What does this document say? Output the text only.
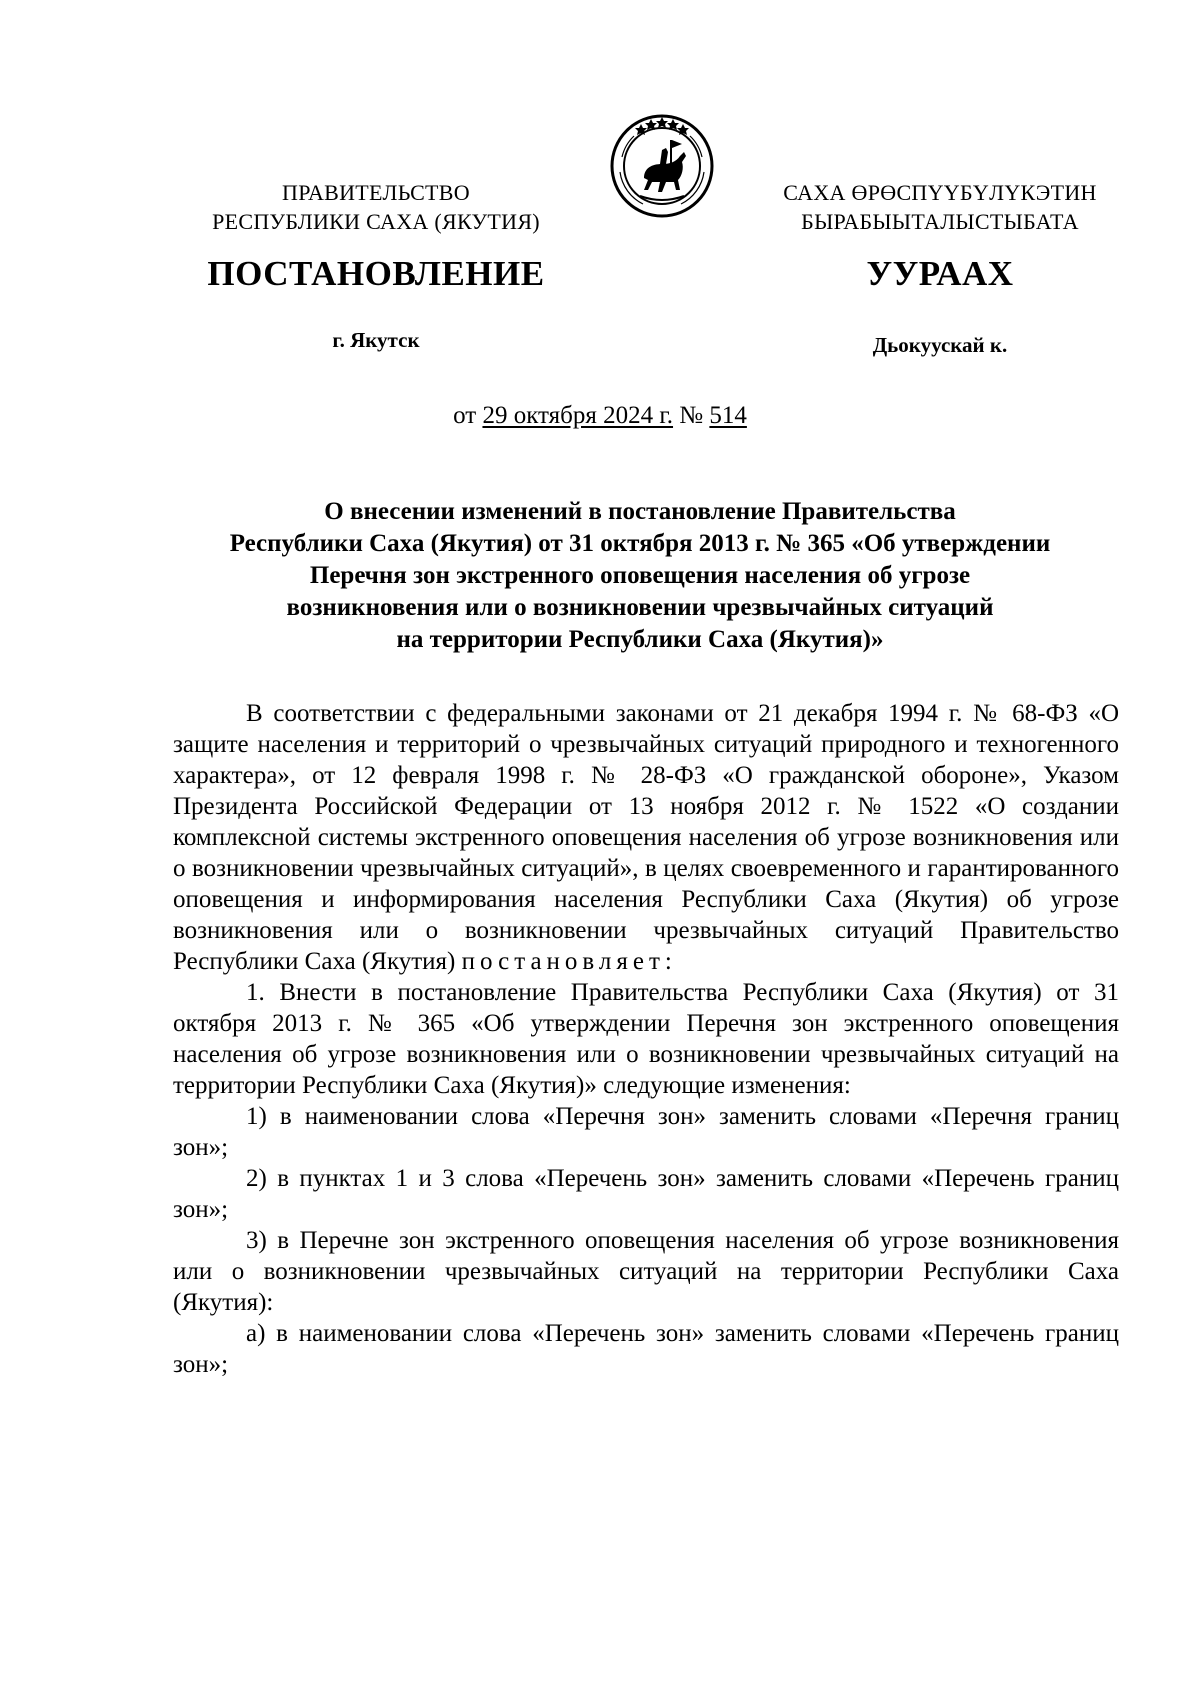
ПРАВИТЕЛЬСТВО
РЕСПУБЛИКИ САХА (ЯКУТИЯ)
САХА ӨРӨСПҮҮБҮЛҮКЭТИН
БЫРАБЫЫТАЛЫСТЫБАТА
ПОСТАНОВЛЕНИЕ	УУРААХ
г. Якутск	Дьокуускай к.
от 29 октября 2024 г. № 514
О внесении изменений в постановление Правительства
Республики Саха (Якутия) от 31 октября 2013 г. № 365 «Об утверждении
Перечня зон экстренного оповещения населения об угрозе
возникновения или о возникновении чрезвычайных ситуаций
на территории Республики Саха (Якутия)»

В соответствии с федеральными законами от 21 декабря 1994 г. № 68-ФЗ «О защите населения и территорий о чрезвычайных ситуаций природного и техногенного характера», от 12 февраля 1998 г. № 28-ФЗ «О гражданской обороне», Указом Президента Российской Федерации от 13 ноября 2012 г. № 1522 «О создании комплексной системы экстренного оповещения населения об угрозе возникновения или о возникновении чрезвычайных ситуаций», в целях своевременного и гарантированного оповещения и информирования населения Республики Саха (Якутия) об угрозе возникновения или о возникновении чрезвычайных ситуаций Правительство Республики Саха (Якутия) постановляет:

1. Внести в постановление Правительства Республики Саха (Якутия) от 31 октября 2013 г. № 365 «Об утверждении Перечня зон экстренного оповещения населения об угрозе возникновения или о возникновении чрезвычайных ситуаций на территории Республики Саха (Якутия)» следующие изменения:

1) в наименовании слова «Перечня зон» заменить словами «Перечня границ зон»;

2) в пунктах 1 и 3 слова «Перечень зон» заменить словами «Перечень границ зон»;

3) в Перечне зон экстренного оповещения населения об угрозе возникновения или о возникновении чрезвычайных ситуаций на территории Республики Саха (Якутия):

а) в наименовании слова «Перечень зон» заменить словами «Перечень границ зон»;
